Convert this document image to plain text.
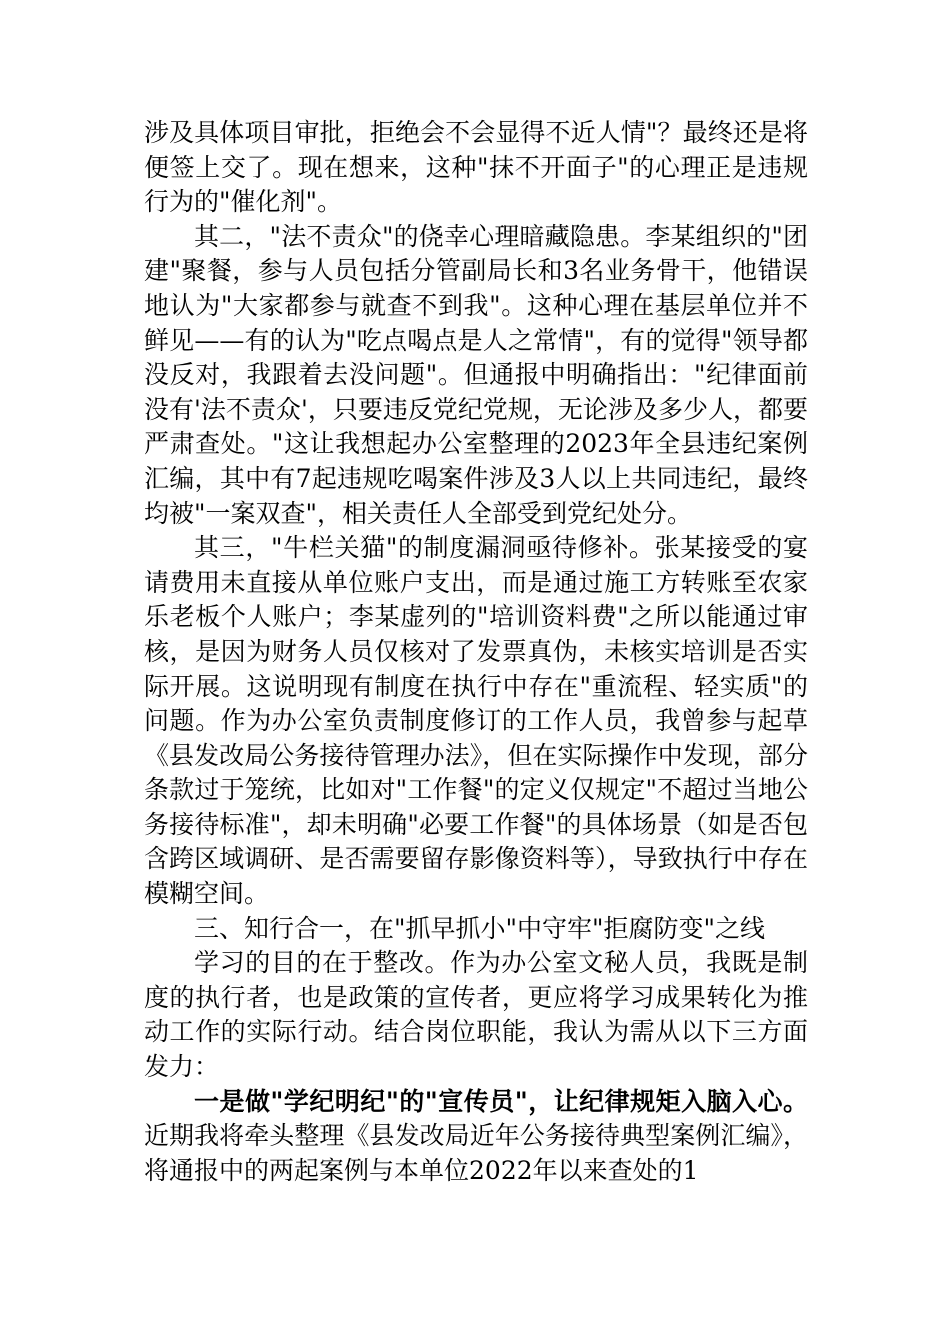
涉及具体项目审批，拒绝会不会显得不近人情"？最终还是将便签上交了。现在想来，这种"抹不开面子"的心理正是违规行为的"催化剂"。

其二，"法不责众"的侥幸心理暗藏隐患。李某组织的"团建"聚餐，参与人员包括分管副局长和3名业务骨干，他错误地认为"大家都参与就查不到我"。这种心理在基层单位并不鲜见——有的认为"吃点喝点是人之常情"，有的觉得"领导都没反对，我跟着去没问题"。但通报中明确指出："纪律面前没有'法不责众'，只要违反党纪党规，无论涉及多少人，都要严肃查处。"这让我想起办公室整理的2023年全县违纪案例汇编，其中有7起违规吃喝案件涉及3人以上共同违纪，最终均被"一案双查"，相关责任人全部受到党纪处分。

其三，"牛栏关猫"的制度漏洞亟待修补。张某接受的宴请费用未直接从单位账户支出，而是通过施工方转账至农家乐老板个人账户；李某虚列的"培训资料费"之所以能通过审核，是因为财务人员仅核对了发票真伪，未核实培训是否实际开展。这说明现有制度在执行中存在"重流程、轻实质"的问题。作为办公室负责制度修订的工作人员，我曾参与起草《县发改局公务接待管理办法》，但在实际操作中发现，部分条款过于笼统，比如对"工作餐"的定义仅规定"不超过当地公务接待标准"，却未明确"必要工作餐"的具体场景（如是否包含跨区域调研、是否需要留存影像资料等），导致执行中存在模糊空间。

三、知行合一，在"抓早抓小"中守牢"拒腐防变"之线

学习的目的在于整改。作为办公室文秘人员，我既是制度的执行者，也是政策的宣传者，更应将学习成果转化为推动工作的实际行动。结合岗位职能，我认为需从以下三方面发力：

一是做"学纪明纪"的"宣传员"，让纪律规矩入脑入心。近期我将牵头整理《县发改局近年公务接待典型案例汇编》，将通报中的两起案例与本单位2022年以来查处的1
